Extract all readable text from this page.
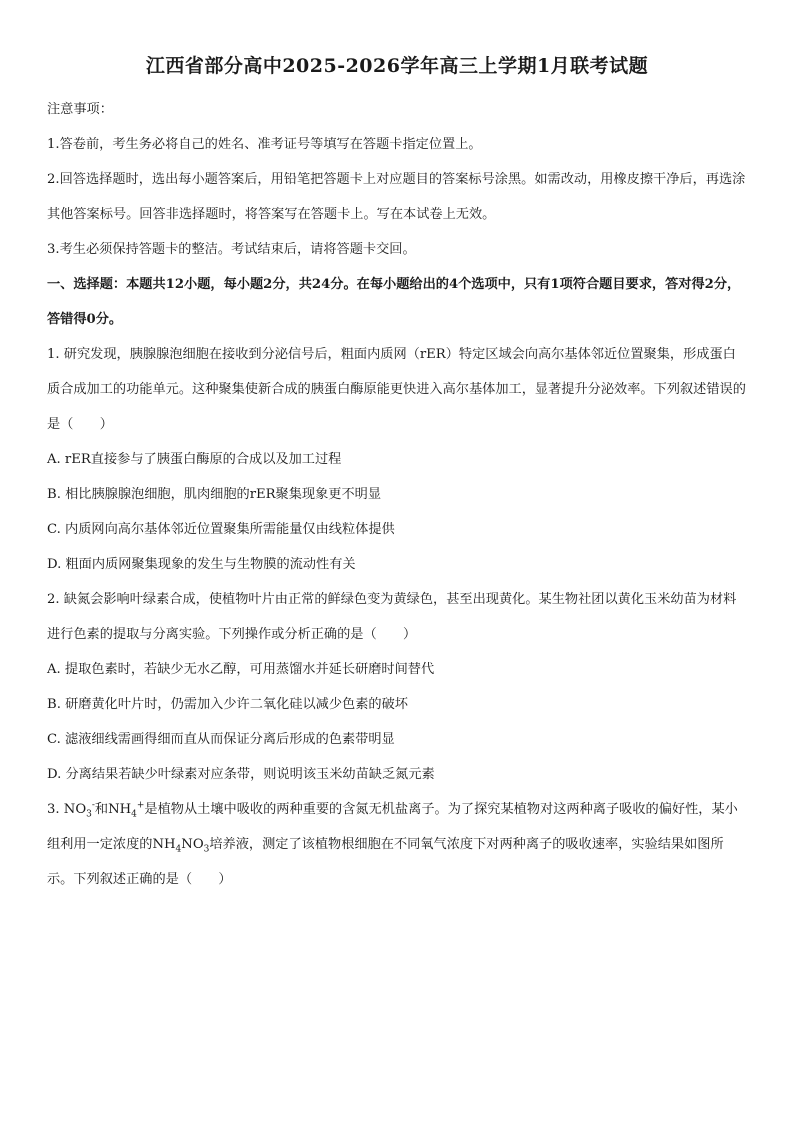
江西省部分高中2025-2026学年高三上学期1月联考试题

注意事项：

1.答卷前，考生务必将自己的姓名、准考证号等填写在答题卡指定位置上。

2.回答选择题时，选出每小题答案后，用铅笔把答题卡上对应题目的答案标号涂黑。如需改动，用橡皮擦干净后，再选涂其他答案标号。回答非选择题时，将答案写在答题卡上。写在本试卷上无效。

3.考生必须保持答题卡的整洁。考试结束后，请将答题卡交回。

一、选择题：本题共12小题，每小题2分，共24分。在每小题给出的4个选项中，只有1项符合题目要求，答对得2分，答错得0分。

1. 研究发现，胰腺腺泡细胞在接收到分泌信号后，粗面内质网（rER）特定区域会向高尔基体邻近位置聚集，形成蛋白质合成加工的功能单元。这种聚集使新合成的胰蛋白酶原能更快进入高尔基体加工，显著提升分泌效率。下列叙述错误的是（　　）

A. rER直接参与了胰蛋白酶原的合成以及加工过程

B. 相比胰腺腺泡细胞，肌肉细胞的rER聚集现象更不明显

C. 内质网向高尔基体邻近位置聚集所需能量仅由线粒体提供

D. 粗面内质网聚集现象的发生与生物膜的流动性有关

2. 缺氮会影响叶绿素合成，使植物叶片由正常的鲜绿色变为黄绿色，甚至出现黄化。某生物社团以黄化玉米幼苗为材料进行色素的提取与分离实验。下列操作或分析正确的是（　　）

A. 提取色素时，若缺少无水乙醇，可用蒸馏水并延长研磨时间替代

B. 研磨黄化叶片时，仍需加入少许二氧化硅以减少色素的破坏

C. 滤液细线需画得细而直从而保证分离后形成的色素带明显

D. 分离结果若缺少叶绿素对应条带，则说明该玉米幼苗缺乏氮元素

3. $NO_3^-$和$NH_4^+$是植物从土壤中吸收的两种重要的含氮无机盐离子。为了探究某植物对这两种离子吸收的偏好性，某小组利用一定浓度的$NH_4NO_3$培养液，测定了该植物根细胞在不同氧气浓度下对两种离子的吸收速率，实验结果如图所示。下列叙述正确的是（　　）
